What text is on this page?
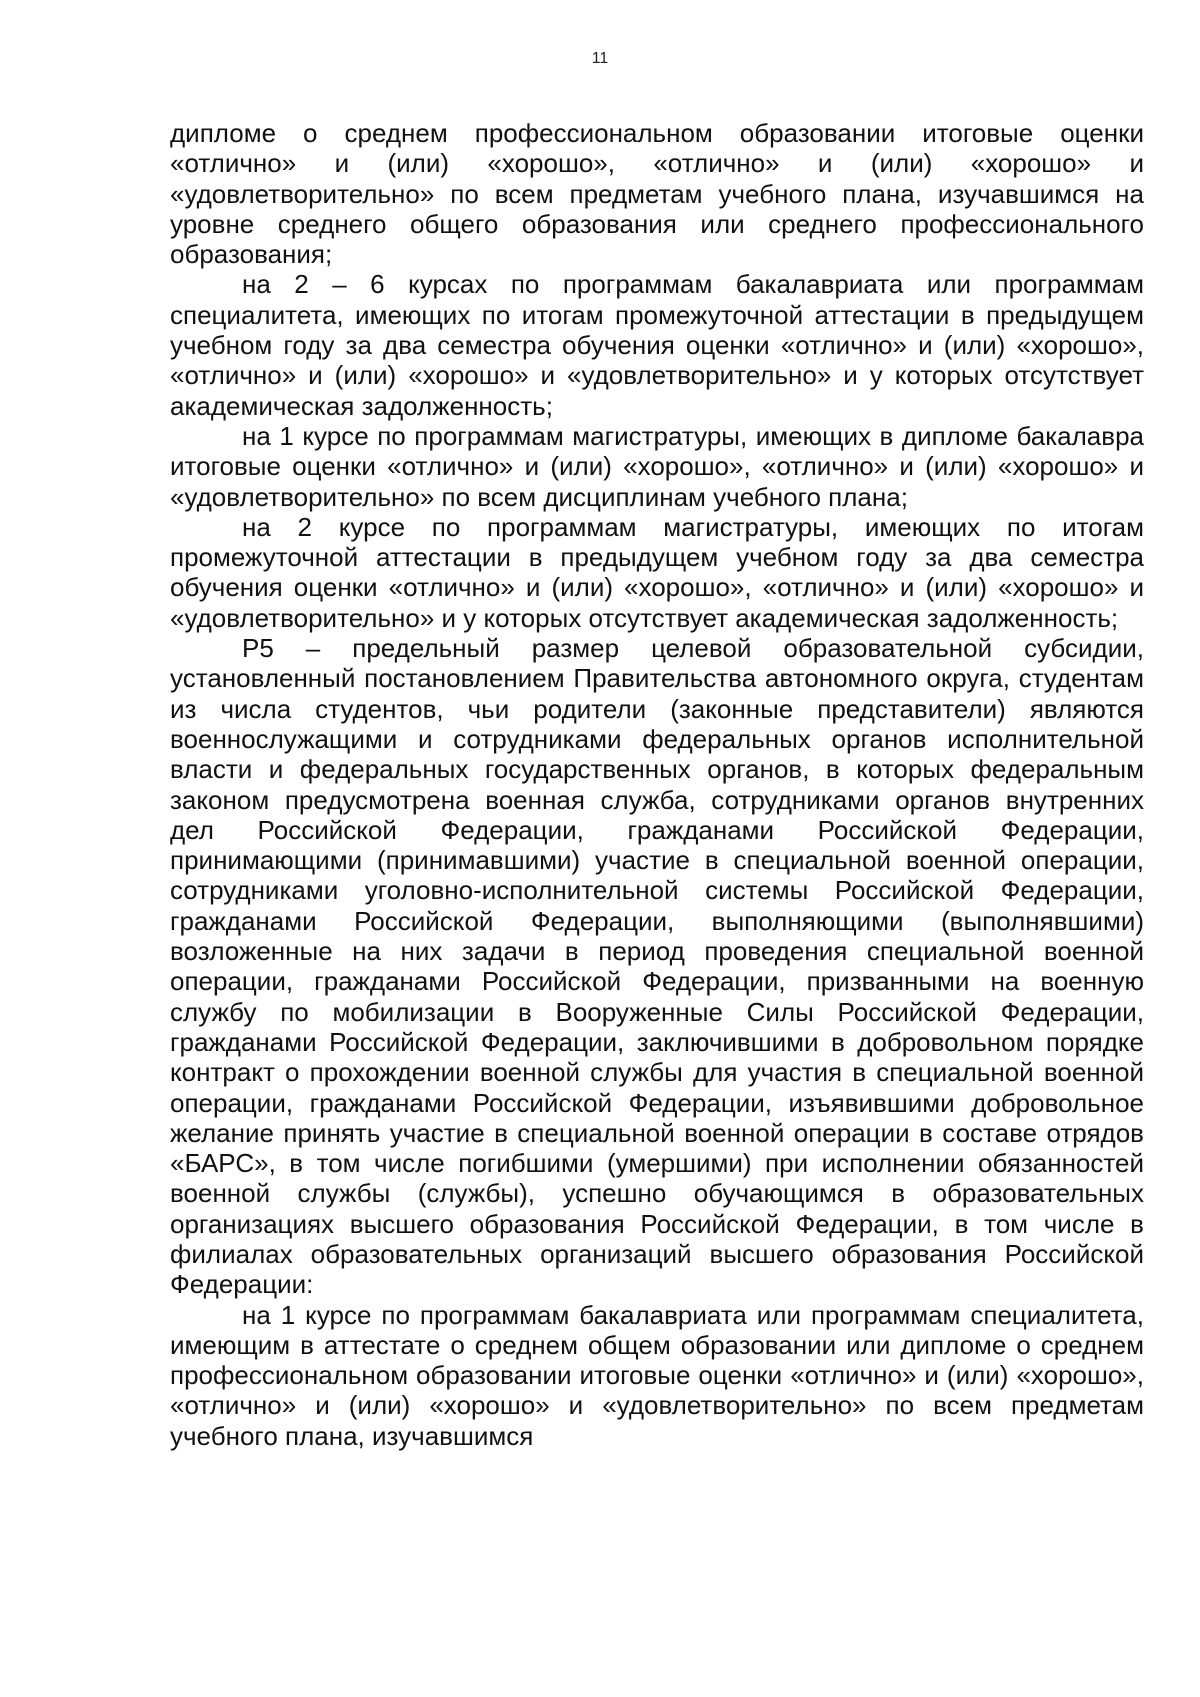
11

дипломе о среднем профессиональном образовании итоговые оценки «отлично» и (или) «хорошо», «отлично» и (или) «хорошо» и «удовлетворительно» по всем предметам учебного плана, изучавшимся на уровне среднего общего образования или среднего профессионального образования;

на 2 – 6 курсах по программам бакалавриата или программам специалитета, имеющих по итогам промежуточной аттестации в предыдущем учебном году за два семестра обучения оценки «отлично» и (или) «хорошо», «отлично» и (или) «хорошо» и «удовлетворительно» и у которых отсутствует академическая задолженность;

на 1 курсе по программам магистратуры, имеющих в дипломе бакалавра итоговые оценки «отлично» и (или) «хорошо», «отлично» и (или) «хорошо» и «удовлетворительно» по всем дисциплинам учебного плана;

на 2 курсе по программам магистратуры, имеющих по итогам промежуточной аттестации в предыдущем учебном году за два семестра обучения оценки «отлично» и (или) «хорошо», «отлично» и (или) «хорошо» и «удовлетворительно» и у которых отсутствует академическая задолженность;

P5 – предельный размер целевой образовательной субсидии, установленный постановлением Правительства автономного округа, студентам из числа студентов, чьи родители (законные представители) являются военнослужащими и сотрудниками федеральных органов исполнительной власти и федеральных государственных органов, в которых федеральным законом предусмотрена военная служба, сотрудниками органов внутренних дел Российской Федерации, гражданами Российской Федерации, принимающими (принимавшими) участие в специальной военной операции, сотрудниками уголовно-исполнительной системы Российской Федерации, гражданами Российской Федерации, выполняющими (выполнявшими) возложенные на них задачи в период проведения специальной военной операции, гражданами Российской Федерации, призванными на военную службу по мобилизации в Вооруженные Силы Российской Федерации, гражданами Российской Федерации, заключившими в добровольном порядке контракт о прохождении военной службы для участия в специальной военной операции, гражданами Российской Федерации, изъявившими добровольное желание принять участие в специальной военной операции в составе отрядов «БАРС», в том числе погибшими (умершими) при исполнении обязанностей военной службы (службы), успешно обучающимся в образовательных организациях высшего образования Российской Федерации, в том числе в филиалах образовательных организаций высшего образования Российской Федерации:

на 1 курсе по программам бакалавриата или программам специалитета, имеющим в аттестате о среднем общем образовании или дипломе о среднем профессиональном образовании итоговые оценки «отлично» и (или) «хорошо», «отлично» и (или) «хорошо» и «удовлетворительно» по всем предметам учебного плана, изучавшимся
